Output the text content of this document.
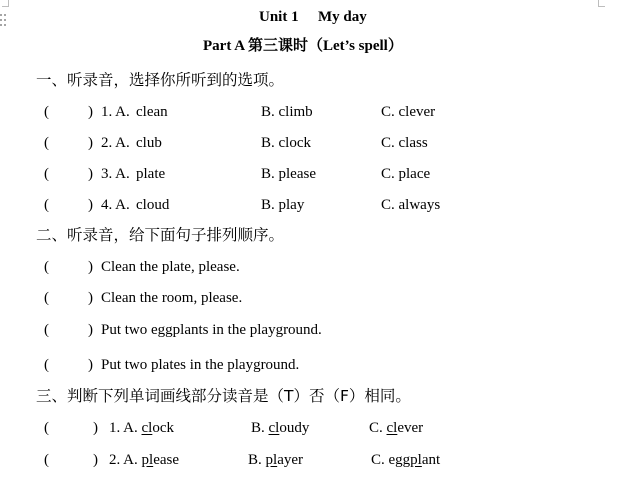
Unit 1 My day
Part A 第三课时（Let’s spell）
一、听录音，选择你所听到的选项。
(	) 1. A. clean	B. climb	C. clever
(	) 2. A. club	B. clock	C. class
(	) 3. A. plate	B. please	C. place
(	) 4. A. cloud	B. play	C. always
二、听录音，给下面句子排列顺序。
(	) Clean the plate, please.
(	) Clean the room, please.
(	) Put two eggplants in the playground.
(	) Put two plates in the playground.
三、判断下列单词画线部分读音是（T）否（F）相同。
(	) 1. A. clock	B. cloudy	C. clever
(	) 2. A. please	B. player	C. eggplant
